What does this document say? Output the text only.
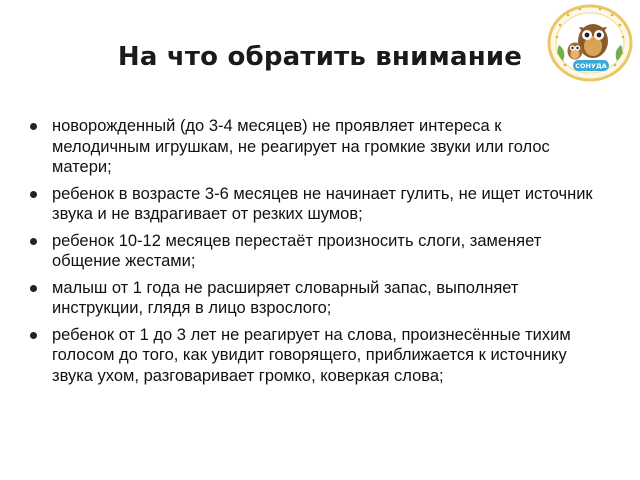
На что обратить внимание	СОНУДА
новорожденный (до 3-4 месяцев) не проявляет интереса к мелодичным игрушкам, не реагирует на громкие звуки или голос матери;
ребенок в возрасте 3-6 месяцев не начинает гулить, не ищет источник звука и не вздрагивает от резких шумов;
ребенок 10-12 месяцев перестаёт произносить слоги, заменяет общение жестами;
малыш от 1 года не расширяет словарный запас, выполняет инструкции, глядя в лицо взрослого;
ребенок от 1 до 3 лет не реагирует на слова, произнесённые тихим голосом до того, как увидит говорящего, приближается к источнику звука ухом, разговаривает громко, коверкая слова;
